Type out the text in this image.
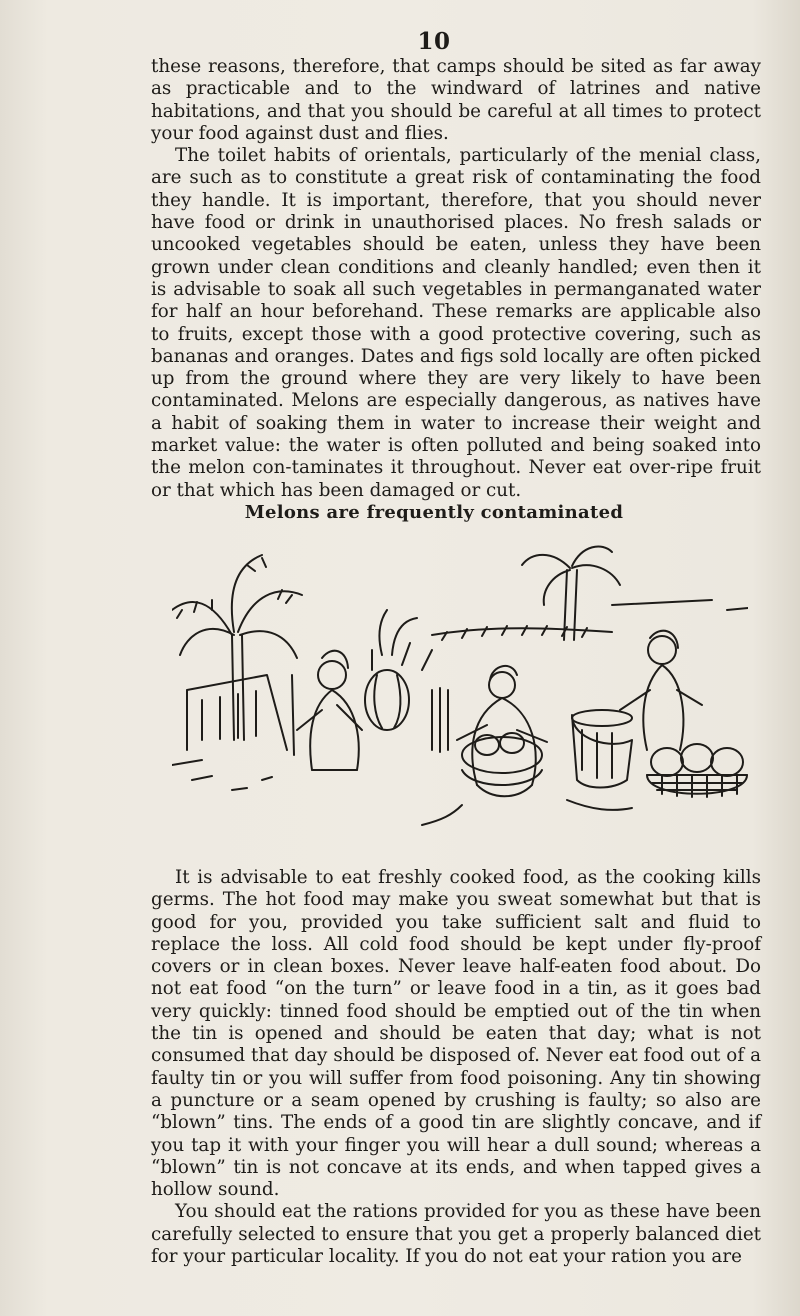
10

these reasons, therefore, that camps should be sited as far away as practicable and to the windward of latrines and native habitations, and that you should be careful at all times to protect your food against dust and flies.

The toilet habits of orientals, particularly of the menial class, are such as to constitute a great risk of contaminating the food they handle. It is important, therefore, that you should never have food or drink in unauthorised places. No fresh salads or uncooked vegetables should be eaten, unless they have been grown under clean conditions and cleanly handled; even then it is advisable to soak all such vegetables in permanganated water for half an hour beforehand. These remarks are applicable also to fruits, except those with a good protective covering, such as bananas and oranges. Dates and figs sold locally are often picked up from the ground where they are very likely to have been contaminated. Melons are especially dangerous, as natives have a habit of soaking them in water to increase their weight and market value: the water is often polluted and being soaked into the melon con-taminates it throughout. Never eat over-ripe fruit or that which has been damaged or cut.

Melons are frequently contaminated

It is advisable to eat freshly cooked food, as the cooking kills germs. The hot food may make you sweat somewhat but that is good for you, provided you take sufficient salt and fluid to replace the loss. All cold food should be kept under fly-proof covers or in clean boxes. Never leave half-eaten food about. Do not eat food “on the turn” or leave food in a tin, as it goes bad very quickly: tinned food should be emptied out of the tin when the tin is opened and should be eaten that day; what is not consumed that day should be disposed of. Never eat food out of a faulty tin or you will suffer from food poisoning. Any tin showing a puncture or a seam opened by crushing is faulty; so also are “blown” tins. The ends of a good tin are slightly concave, and if you tap it with your finger you will hear a dull sound; whereas a “blown” tin is not concave at its ends, and when tapped gives a hollow sound.

You should eat the rations provided for you as these have been carefully selected to ensure that you get a properly balanced diet for your particular locality. If you do not eat your ration you are
